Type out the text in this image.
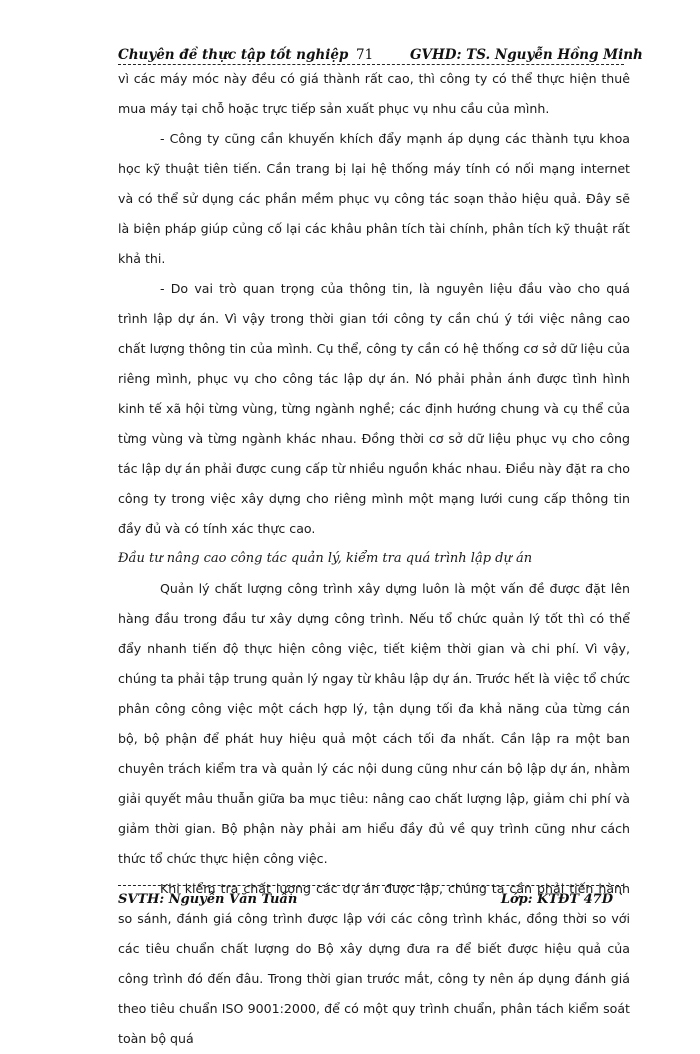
Chuyên đề thực tập tốt nghiệp 71	GVHD: TS. Nguyễn Hồng Minh

vì các máy móc này đều có giá thành rất cao, thì công ty có thể thực hiện thuê mua máy tại chỗ hoặc trực tiếp sản xuất phục vụ nhu cầu của mình.

- Công ty cũng cần khuyến khích đẩy mạnh áp dụng các thành tựu khoa học kỹ thuật tiên tiến. Cần trang bị lại hệ thống máy tính có nối mạng internet và có thể sử dụng các phần mềm phục vụ công tác soạn thảo hiệu quả. Đây sẽ là biện pháp giúp củng cố lại các khâu phân tích tài chính, phân tích kỹ thuật rất khả thi.

- Do vai trò quan trọng của thông tin, là nguyên liệu đầu vào cho quá trình lập dự án. Vì vậy trong thời gian tới công ty cần chú ý tới việc nâng cao chất lượng thông tin của mình. Cụ thể, công ty cần có hệ thống cơ sở dữ liệu của riêng mình, phục vụ cho công tác lập dự án. Nó phải phản ánh được tình hình kinh tế xã hội từng vùng, từng ngành nghề; các định hướng chung và cụ thể của từng vùng và từng ngành khác nhau. Đồng thời cơ sở dữ liệu phục vụ cho công tác lập dự án phải được cung cấp từ nhiều nguồn khác nhau. Điều này đặt ra cho công ty trong việc xây dựng cho riêng mình một mạng lưới cung cấp thông tin đầy đủ và có tính xác thực cao.

Đầu tư nâng cao công tác quản lý, kiểm tra quá trình lập dự án

Quản lý chất lượng công trình xây dựng luôn là một vấn đề được đặt lên hàng đầu trong đầu tư xây dựng công trình. Nếu tổ chức quản lý tốt thì có thể đẩy nhanh tiến độ thực hiện công việc, tiết kiệm thời gian và chi phí. Vì vậy, chúng ta phải tập trung quản lý ngay từ khâu lập dự án. Trước hết là việc tổ chức phân công công việc một cách hợp lý, tận dụng tối đa khả năng của từng cán bộ, bộ phận để phát huy hiệu quả một cách tối đa nhất. Cần lập ra một ban chuyên trách kiểm tra và quản lý các nội dung cũng như cán bộ lập dự án, nhằm giải quyết mâu thuẫn giữa ba mục tiêu: nâng cao chất lượng lập, giảm chi phí và giảm thời gian. Bộ phận này phải am hiểu đầy đủ về quy trình cũng như cách thức tổ chức thực hiện công việc.

Khi kiểm tra chất lượng các dự án được lập, chúng ta cần phải tiến hành so sánh, đánh giá công trình được lập với các công trình khác, đồng thời so với các tiêu chuẩn chất lượng do Bộ xây dựng đưa ra để biết được hiệu quả của công trình đó đến đâu. Trong thời gian trước mắt, công ty nên áp dụng đánh giá theo tiêu chuẩn ISO 9001:2000, để có một quy trình chuẩn, phân tách kiểm soát toàn bộ quá

SVTH: Nguyễn Văn Tuấn	Lớp: KTĐT 47D `
